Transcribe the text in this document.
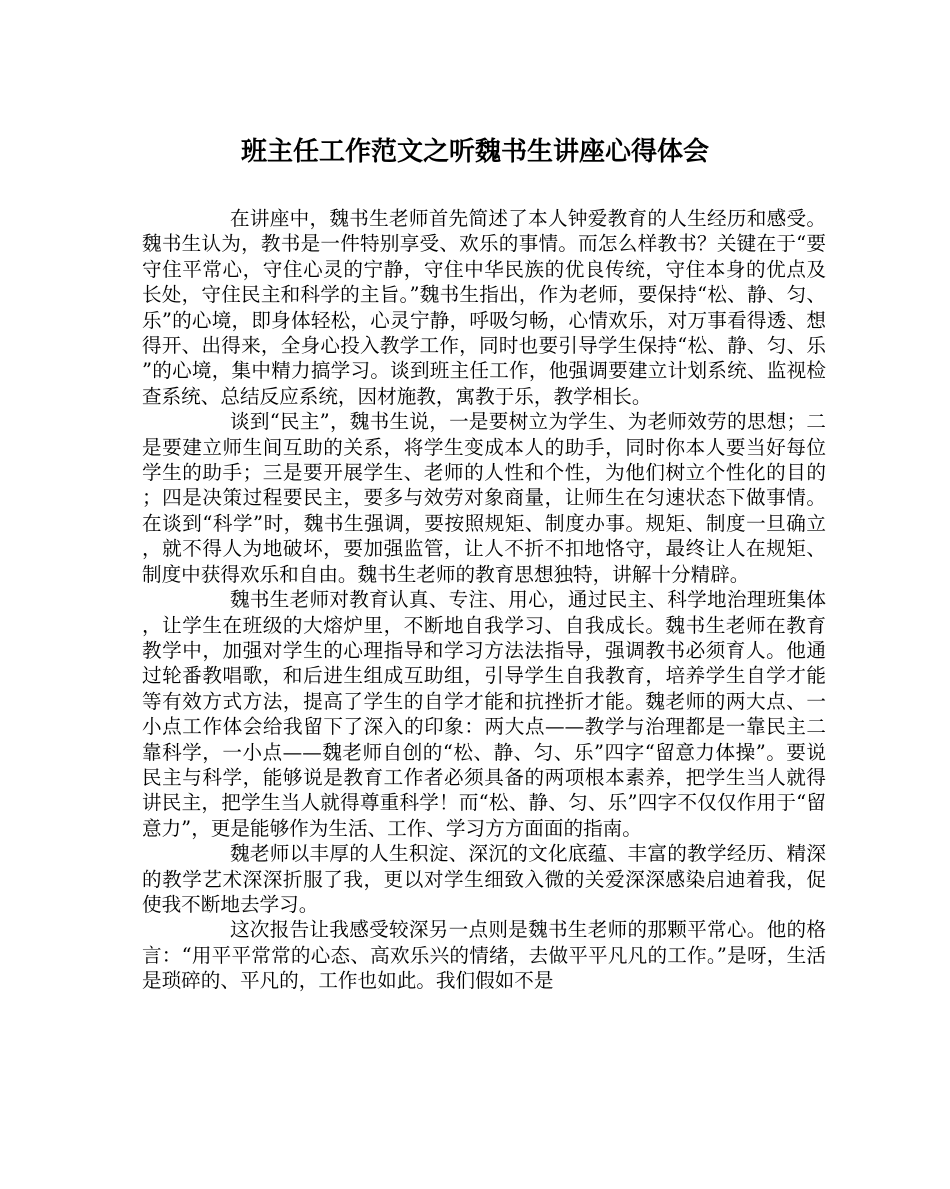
班主任工作范文之听魏书生讲座心得体会

在讲座中，魏书生老师首先简述了本人钟爱教育的人生经历和感受。魏书生认为，教书是一件特别享受、欢乐的事情。而怎么样教书？关键在于“要守住平常心，守住心灵的宁静，守住中华民族的优良传统，守住本身的优点及长处，守住民主和科学的主旨。”魏书生指出，作为老师，要保持“松、静、匀、乐”的心境，即身体轻松，心灵宁静，呼吸匀畅，心情欢乐，对万事看得透、想得开、出得来，全身心投入教学工作，同时也要引导学生保持“松、静、匀、乐”的心境，集中精力搞学习。谈到班主任工作，他强调要建立计划系统、监视检查系统、总结反应系统，因材施教，寓教于乐，教学相长。

谈到“民主”，魏书生说，一是要树立为学生、为老师效劳的思想；二是要建立师生间互助的关系，将学生变成本人的助手，同时你本人要当好每位学生的助手；三是要开展学生、老师的人性和个性，为他们树立个性化的目的；四是决策过程要民主，要多与效劳对象商量，让师生在匀速状态下做事情。在谈到“科学”时，魏书生强调，要按照规矩、制度办事。规矩、制度一旦确立，就不得人为地破坏，要加强监管，让人不折不扣地恪守，最终让人在规矩、制度中获得欢乐和自由。魏书生老师的教育思想独特，讲解十分精辟。

魏书生老师对教育认真、专注、用心，通过民主、科学地治理班集体，让学生在班级的大熔炉里，不断地自我学习、自我成长。魏书生老师在教育教学中，加强对学生的心理指导和学习方法法指导，强调教书必须育人。他通过轮番教唱歌，和后进生组成互助组，引导学生自我教育，培养学生自学才能等有效方式方法，提高了学生的自学才能和抗挫折才能。魏老师的两大点、一小点工作体会给我留下了深入的印象：两大点——教学与治理都是一靠民主二靠科学，一小点——魏老师自创的“松、静、匀、乐”四字“留意力体操”。要说民主与科学，能够说是教育工作者必须具备的两项根本素养，把学生当人就得讲民主，把学生当人就得尊重科学！而“松、静、匀、乐”四字不仅仅作用于“留意力”，更是能够作为生活、工作、学习方方面面的指南。

魏老师以丰厚的人生积淀、深沉的文化底蕴、丰富的教学经历、精深的教学艺术深深折服了我，更以对学生细致入微的关爱深深感染启迪着我，促使我不断地去学习。

这次报告让我感受较深另一点则是魏书生老师的那颗平常心。他的格言：“用平平常常的心态、高欢乐兴的情绪，去做平平凡凡的工作。”是呀，生活是琐碎的、平凡的，工作也如此。我们假如不是
